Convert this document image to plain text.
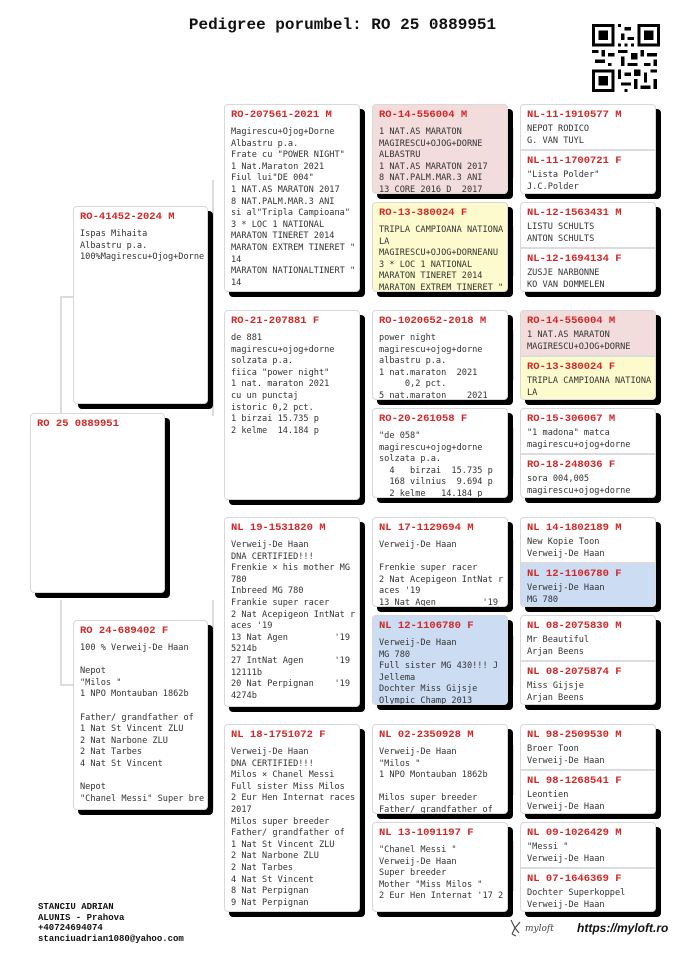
Pedigree porumbel: RO 25 0889951
RO 25 0889951
RO-41452-2024 M
Ispas Mihaita
Albastru p.a.
100%Magirescu+Ojog+Dorne
RO 24-689402 F
100 % Verweij-De Haan

Nepot
"Milos "
1 NPO Montauban 1862b

Father/ grandfather of
1 Nat St Vincent ZLU
2 Nat Narbone ZLU
2 Nat Tarbes
4 Nat St Vincent

Nepot
"Chanel Messi" Super bre
RO-207561-2021 M
Magirescu+Ojog+Dorne
Albastru p.a.
Frate cu "POWER NIGHT"
1 Nat.Maraton 2021
Fiul lui"DE 004"
1 NAT.AS MARATON 2017
8 NAT.PALM.MAR.3 ANI
si al"Tripla Campioana"
3 * LOC 1 NATIONAL
MARATON TINERET 2014
MARATON EXTREM TINERET "
14
MARATON NATIONALTINERT "
14
RO-21-207881 F
de 881
magirescu+ojog+dorne
solzata p.a.
fiica "power night"
1 nat. maraton 2021
cu un punctaj
istoric 0,2 pct.
1 birzai 15.735 p
2 kelme  14.184 p
NL 19-1531820 M
Verweij-De Haan
DNA CERTIFIED!!!
Frenkie × his mother MG
780
Inbreed MG 780
Frankie super racer
2 Nat Acepigeon IntNat r
aces '19
13 Nat Agen         '19
5214b
27 IntNat Agen      '19
12111b
20 Nat Perpignan    '19
4274b
NL 18-1751072 F
Verweij-De Haan
DNA CERTIFIED!!!
Milos × Chanel Messi
Full sister Miss Milos
2 Eur Hen Internat races
2017
Milos super breeder
Father/ grandfather of
1 Nat St Vincent ZLU
2 Nat Narbone ZLU
2 Nat Tarbes
4 Nat St Vincent
8 Nat Perpignan
9 Nat Perpignan
RO-14-556004 M
1 NAT.AS MARATON
MAGIRESCU+OJOG+DORNE
ALBASTRU
1 NAT.AS MARATON 2017
8 NAT.PALM.MAR.3 ANI
13 CORE 2016 D  2017
RO-13-380024 F
TRIPLA CAMPIOANA NATIONA
LA
MAGIRESCU+OJOG+DORNEANU
3 * LOC 1 NATIONAL
MARATON TINERET 2014
MARATON EXTREM TINERET "
RO-1020652-2018 M
power night
magirescu+ojog+dorne
albastru p.a.
1 nat.maraton  2021
0,2 pct.
5 nat.maraton    2021
RO-20-261058 F
"de 058"
magirescu+ojog+dorne
solzata p.a.
4   birzai  15.735 p
168 vilnius  9.694 p
2 kelme   14.184 p
NL 17-1129694 M
Verweij-De Haan

Frenkie super racer
2 Nat Acepigeon IntNat r
aces '19
13 Nat Agen         '19
NL 12-1106780 F
Verweij-De Haan
MG 780
Full sister MG 430!!! J
Jellema
Dochter Miss Gijsje
Olympic Champ 2013
NL 02-2350928 M
Verweij-De Haan
"Milos "
1 NPO Montauban 1862b

Milos super breeder
Father/ grandfather of
NL 13-1091197 F
"Chanel Messi "
Verweij-De Haan
Super breeder
Mother "Miss Milos "
2 Eur Hen Internat '17 2
NL-11-1910577 M
NEPOT RODICO
G. VAN TUYL
NL-11-1700721 F
"Lista Polder"
J.C.Polder
NL-12-1563431 M
LISTU SCHULTS
ANTON SCHULTS
NL-12-1694134 F
ZUSJE NARBONNE
KO VAN DOMMELEN
RO-14-556004 M
1 NAT.AS MARATON
MAGIRESCU+OJOG+DORNE
RO-13-380024 F
TRIPLA CAMPIOANA NATIONA
LA
RO-15-306067 M
"1 madona" matca
magirescu+ojog+dorne
RO-18-248036 F
sora 004,005
magirescu+ojog+dorne
NL 14-1802189 M
New Kopie Toon
Verweij-De Haan
NL 12-1106780 F
Verweij-De Haan
MG 780
NL 08-2075830 M
Mr Beautiful
Arjan Beens
NL 08-2075874 F
Miss Gijsje
Arjan Beens
NL 98-2509530 M
Broer Toon
Verweij-De Haan
NL 98-1268541 F
Leontien
Verweij-De Haan
NL 09-1026429 M
"Messi "
Verweij-De Haan
NL 07-1646369 F
Dochter Superkoppel
Verweij-De Haan
STANCIU ADRIAN
ALUNIS - Prahova
+40724694074
stanciuadrian1080@yahoo.com
myloft https://myloft.ro
